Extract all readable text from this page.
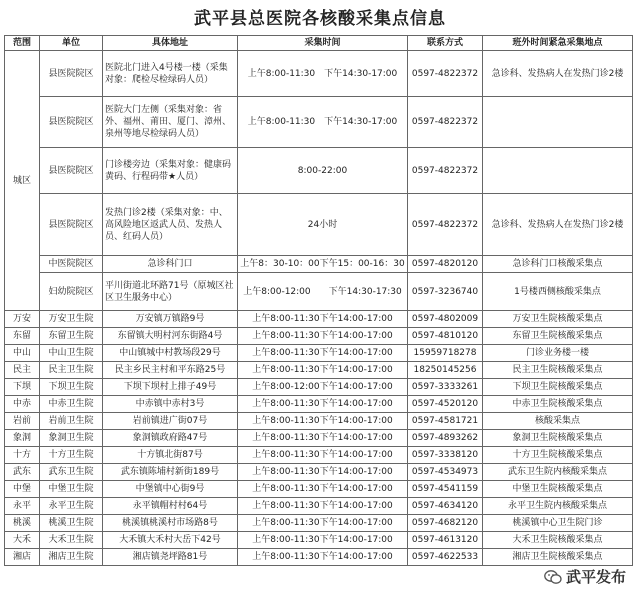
武平县总医院各核酸采集点信息
范围	单位	具体地址	采集时间	联系方式	班外时间紧急采集地点
城区	县医院院区	医院北门进入4号楼一楼（采集对象：爬检尽检绿码人员）	上午8:00-11:30　下午14:30-17:00	0597-4822372	急诊科、发热病人在发热门诊2楼
	县医院院区	医院大门左侧（采集对象：省外、福州、莆田、厦门、漳州、泉州等地尽检绿码人员）	上午8:00-11:30　下午14:30-17:00	0597-4822372	
	县医院院区	门诊楼旁边（采集对象：健康码黄码、行程码带★人员）	8:00-22:00	0597-4822372	
	县医院院区	发热门诊2楼（采集对象：中、高风险地区返武人员、发热人员、红码人员）	24小时	0597-4822372	急诊科、发热病人在发热门诊2楼
	中医院院区	急诊科门口	上午8：30-10：00下午15：00-16：30	0597-4820120	急诊科门口核酸采集点
	妇幼院院区	平川街道北环路71号（原城区社区卫生服务中心）	上午8:00-12:00　　下午14:30-17:30	0597-3236740	1号楼西侧核酸采集点
万安	万安卫生院	万安镇万镇路9号	上午8:00-11:30下午14:00-17:00	0597-4802009	万安卫生院核酸采集点
东留	东留卫生院	东留镇大明村河东街路4号	上午8:00-11:30下午14:00-17:00	0597-4810120	东留卫生院核酸采集点
中山	中山卫生院	中山镇城中村教场段29号	上午8:00-11:30下午14:00-17:00	15959718278	门诊业务楼一楼
民主	民主卫生院	民主乡民主村和平东路25号	上午8:00-11:30下午14:00-17:00	18250145256	民主卫生院核酸采集点
下坝	下坝卫生院	下坝下坝村上排子49号	上午8:00-12:00下午14:00-17:00	0597-3333261	下坝卫生院核酸采集点
中赤	中赤卫生院	中赤镇中赤村3号	上午8:00-11:30下午14:00-17:00	0597-4520120	中赤卫生院核酸采集点
岩前	岩前卫生院	岩前镇进广街07号	上午8:00-11:30下午14:00-17:00	0597-4581721	核酸采集点
象洞	象洞卫生院	象洞镇政府路47号	上午8:00-11:30下午14:00-17:00	0597-4893262	象洞卫生院核酸采集点
十方	十方卫生院	十方镇北街87号	上午8:00-11:30下午14:00-17:00	0597-3338120	十方卫生院核酸采集点
武东	武东卫生院	武东镇陈埔村新街189号	上午8:00-11:30下午14:00-17:00	0597-4534973	武东卫生院内核酸采集点
中堡	中堡卫生院	中堡镇中心街9号	上午8:00-11:30下午14:00-17:00	0597-4541159	中堡卫生院核酸采集点
永平	永平卫生院	永平镇帽村村64号	上午8:00-11:30下午14:00-17:00	0597-4634120	永平卫生院内核酸采集点
桃溪	桃溪卫生院	桃溪镇桃溪村市场路8号	上午8:00-11:30下午14:00-17:00	0597-4682120	桃溪镇中心卫生院门诊
大禾	大禾卫生院	大禾镇大禾村大岳下42号	上午8:00-11:30下午14:00-17:00	0597-4613120	大禾卫生院核酸采集点
湘店	湘店卫生院	湘店镇尧坪路81号	上午8:00-11:30下午14:00-17:00	0597-4622533	湘店卫生院核酸采集点
武平发布
